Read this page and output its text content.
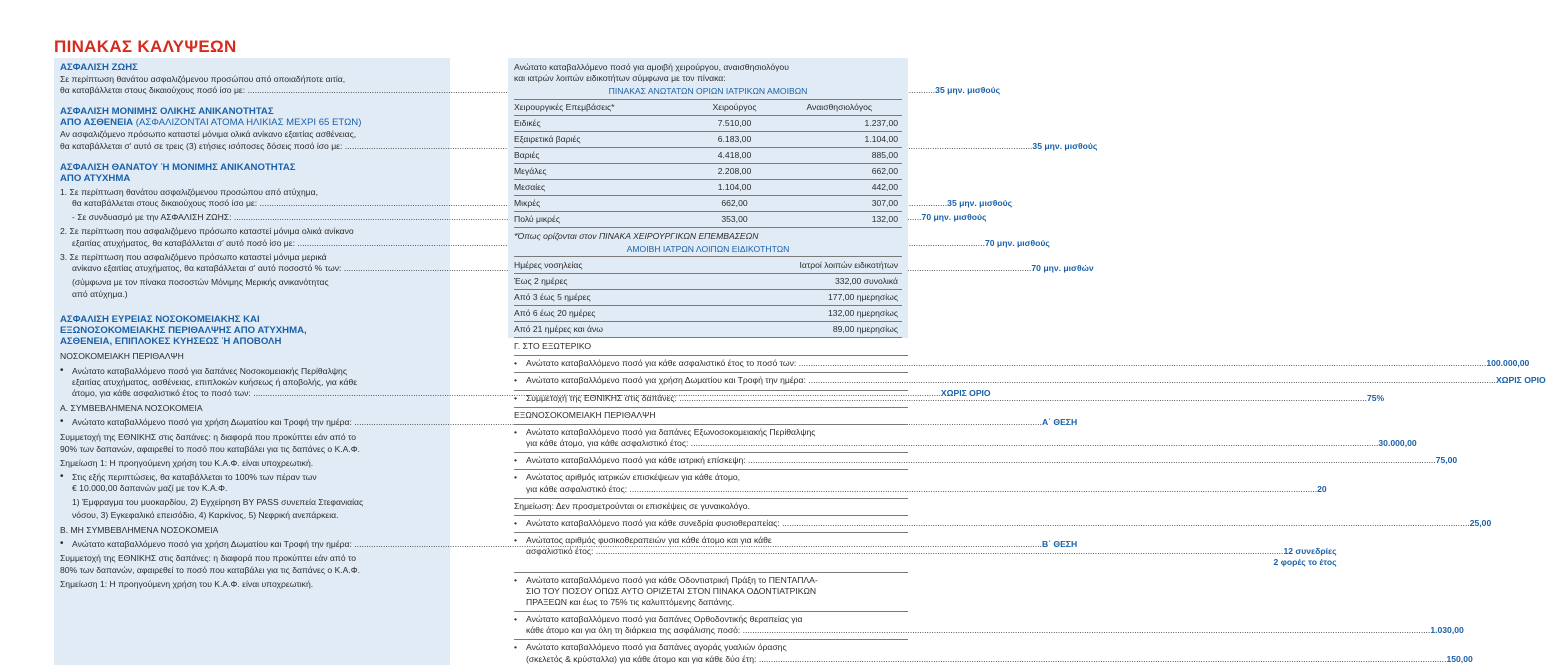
ΠΙΝΑΚΑΣ ΚΑΛΥΨΕΩΝ
ΑΣΦΑΛΙΣΗ ΖΩΗΣ
Σε περίπτωση θανάτου ασφαλιζόμενου προσώπου από οποιαδήποτε αιτία,
θα καταβάλλεται στους δικαιούχους ποσό ίσο με: .....	35 μην. μισθούς
ΑΣΦΑΛΙΣΗ ΜΟΝΙΜΗΣ ΟΛΙΚΗΣ ΑΝΙΚΑΝΟΤΗΤΑΣ
ΑΠΟ ΑΣΘΕΝΕΙΑ (ΑΣΦΑΛΙΖΟΝΤΑΙ ΑΤΟΜΑ ΗΛΙΚΙΑΣ ΜΕΧΡΙ 65 ΕΤΩΝ)
Αν ασφαλιζόμενο πρόσωπο καταστεί μόνιμα ολικά ανίκανο εξαιτίας ασθένειας,
θα καταβάλλεται σ' αυτό σε τρεις (3) ετήσιες ισόποσες δόσεις ποσό ίσο με: .....	35 μην. μισθούς
ΑΣΦΑΛΙΣΗ ΘΑΝΑΤΟΥ Ή ΜΟΝΙΜΗΣ ΑΝΙΚΑΝΟΤΗΤΑΣ
ΑΠΟ ΑΤΥΧΗΜΑ
1. Σε περίπτωση θανάτου ασφαλιζόμενου προσώπου από ατύχημα,
θα καταβάλλεται στους δικαιούχους ποσό ίσο με: .....	35 μην. μισθούς
- Σε συνδυασμό με την ΑΣΦΑΛΙΣΗ ΖΩΗΣ: .....	70 μην. μισθούς
2. Σε περίπτωση που ασφαλιζόμενο πρόσωπο καταστεί μόνιμα ολικά ανίκανο
εξαιτίας ατυχήματος, θα καταβάλλεται σ' αυτό ποσό ίσο με: .....	70 μην. μισθούς
3. Σε περίπτωση που ασφαλιζόμενο πρόσωπο καταστεί μόνιμα μερικά
ανίκανο εξαιτίας ατυχήματος, θα καταβάλλεται σ' αυτό ποσοστό % των: .....	70 μην. μισθών
(σύμφωνα με τον πίνακα ποσοστών Μόνιμης Μερικής ανικανότητας
από ατύχημα.)
ΑΣΦΑΛΙΣΗ ΕΥΡΕΙΑΣ ΝΟΣΟΚΟΜΕΙΑΚΗΣ ΚΑΙ
ΕΞΩΝΟΣΟΚΟΜΕΙΑΚΗΣ ΠΕΡΙΘΑΛΨΗΣ ΑΠΟ ΑΤΥΧΗΜΑ,
ΑΣΘΕΝΕΙΑ, ΕΠΙΠΛΟΚΕΣ ΚΥΗΣΕΩΣ Ή ΑΠΟΒΟΛΗ
ΝΟΣΟΚΟΜΕΙΑΚΗ ΠΕΡΙΘΑΛΨΗ
• Ανώτατο καταβαλλόμενο ποσό για δαπάνες Νοσοκομειακής Περίθαλψης
εξαιτίας ατυχήματος, ασθένειας, επιπλοκών κυήσεως ή αποβολής, για κάθε
άτομο, για κάθε ασφαλιστικό έτος το ποσό των: .....	ΧΩΡΙΣ ΟΡΙΟ
Α. ΣΥΜΒΕΒΛΗΜΕΝΑ ΝΟΣΟΚΟΜΕΙΑ
• Ανώτατο καταβαλλόμενο ποσό για χρήση Δωματίου και Τροφή την ημέρα: .....	Α΄ ΘΕΣΗ
Συμμετοχή της ΕΘΝΙΚΗΣ στις δαπάνες: η διαφορά που προκύπτει εάν από το
90% των δαπανών, αφαιρεθεί το ποσό που καταβάλει για τις δαπάνες ο Κ.Α.Φ.
Σημείωση 1: Η προηγούμενη χρήση του Κ.Α.Φ. είναι υποχρεωτική.
• Στις εξής περιπτώσεις, θα καταβάλλεται το 100% των πέραν των
€ 10.000,00 δαπανών μαζί με τον Κ.Α.Φ.
1) Έμφραγμα του μυοκαρδίου, 2) Εγχείρηση BY PASS συνεπεία Στεφανιαίας
νόσου, 3) Εγκεφαλικό επεισόδιο, 4) Καρκίνος, 5) Νεφρική ανεπάρκεια.
Β. ΜΗ ΣΥΜΒΕΒΛΗΜΕΝΑ ΝΟΣΟΚΟΜΕΙΑ
• Ανώτατο καταβαλλόμενο ποσό για χρήση Δωματίου και Τροφή την ημέρα: .....	Β΄ ΘΕΣΗ
Συμμετοχή της ΕΘΝΙΚΗΣ στις δαπάνες: η διαφορά που προκύπτει εάν από το
80% των δαπανών, αφαιρεθεί το ποσό που καταβάλει για τις δαπάνες ο Κ.Α.Φ.
Σημείωση 1: Η προηγούμενη χρήση του Κ.Α.Φ. είναι υποχρεωτική.
Ανώτατο καταβαλλόμενο ποσό για αμοιβή χειρούργου, αναισθησιολόγου
και ιατρών λοιπών ειδικοτήτων σύμφωνα με τον πίνακα:
ΠΙΝΑΚΑΣ ΑΝΩΤΑΤΩΝ ΟΡΙΩΝ ΙΑΤΡΙΚΩΝ ΑΜΟΙΒΩΝ
Χειρουργικές Επεμβάσεις*	Χειρούργος	Αναισθησιολόγος
Ειδικές	7.510,00	1.237,00
Εξαιρετικά βαριές	6.183,00	1.104,00
Βαριές	4.418,00	885,00
Μεγάλες	2.208,00	662,00
Μεσαίες	1.104,00	442,00
Μικρές	662,00	307,00
Πολύ μικρές	353,00	132,00
*Όπως ορίζονται στον ΠΙΝΑΚΑ ΧΕΙΡΟΥΡΓΙΚΩΝ ΕΠΕΜΒΑΣΕΩΝ
ΑΜΟΙΒΗ ΙΑΤΡΩΝ ΛΟΙΠΩΝ ΕΙΔΙΚΟΤΗΤΩΝ
Ημέρες νοσηλείας	Ιατροί λοιπών ειδικοτήτων
Έως 2 ημέρες	332,00 συνολικά
Από 3 έως 5 ημέρες	177,00 ημερησίως
Από 6 έως 20 ημέρες	132,00 ημερησίως
Από 21 ημέρες και άνω	89,00 ημερησίως
Γ. ΣΤΟ ΕΞΩΤΕΡΙΚΟ
•	Ανώτατο καταβαλλόμενο ποσό για κάθε ασφαλιστικό έτος το ποσό των: .....	100.000,00
•	Ανώτατο καταβαλλόμενο ποσό για χρήση Δωματίου και Τροφή την ημέρα: .....	ΧΩΡΙΣ ΟΡΙΟ
•	Συμμετοχή της ΕΘΝΙΚΗΣ στις δαπάνες: .....	75%
ΕΞΩΝΟΣΟΚΟΜΕΙΑΚΗ ΠΕΡΙΘΑΛΨΗ
•	Ανώτατο καταβαλλόμενο ποσό για δαπάνες Εξωνοσοκομειακής Περίθαλψης
για κάθε άτομο, για κάθε ασφαλιστικό έτος: .....	30.000,00
•	Ανώτατο καταβαλλόμενο ποσό για κάθε ιατρική επίσκεψη: .....	75,00
•	Ανώτατος αριθμός ιατρικών επισκέψεων για κάθε άτομο,
για κάθε ασφαλιστικό έτος: .....	20
Σημείωση: Δεν προσμετρούνται οι επισκέψεις σε γυναικολόγο.
•	Ανώτατο καταβαλλόμενο ποσό για κάθε συνεδρία φυσιοθεραπείας: .....	25,00
•	Ανώτατος αριθμός φυσικοθεραπειών για κάθε άτομο και για κάθε
ασφαλιστικό έτος: .....	12 συνεδρίες
2 φορές το έτος
•	Ανώτατο καταβαλλόμενο ποσό για κάθε Οδοντιατρική Πράξη το ΠΕΝΤΑΠΛΑ-
ΣΙΟ ΤΟΥ ΠΟΣΟΥ ΟΠΩΣ ΑΥΤΟ ΟΡΙΖΕΤΑΙ ΣΤΟΝ ΠΙΝΑΚΑ ΟΔΟΝΤΙΑΤΡΙΚΩΝ
ΠΡΑΞΕΩΝ και έως το 75% τις καλυπτόμενης δαπάνης.
•	Ανώτατο καταβαλλόμενο ποσό για δαπάνες Ορθοδοντικής θεραπείας για
κάθε άτομο και για όλη τη διάρκεια της ασφάλισης ποσό: .....	1.030,00
•	Ανώτατο καταβαλλόμενο ποσό για δαπάνες αγοράς γυαλιών όρασης
(σκελετός & κρύσταλλα) για κάθε άτομο και για κάθε δύο έτη: .....	150,00
